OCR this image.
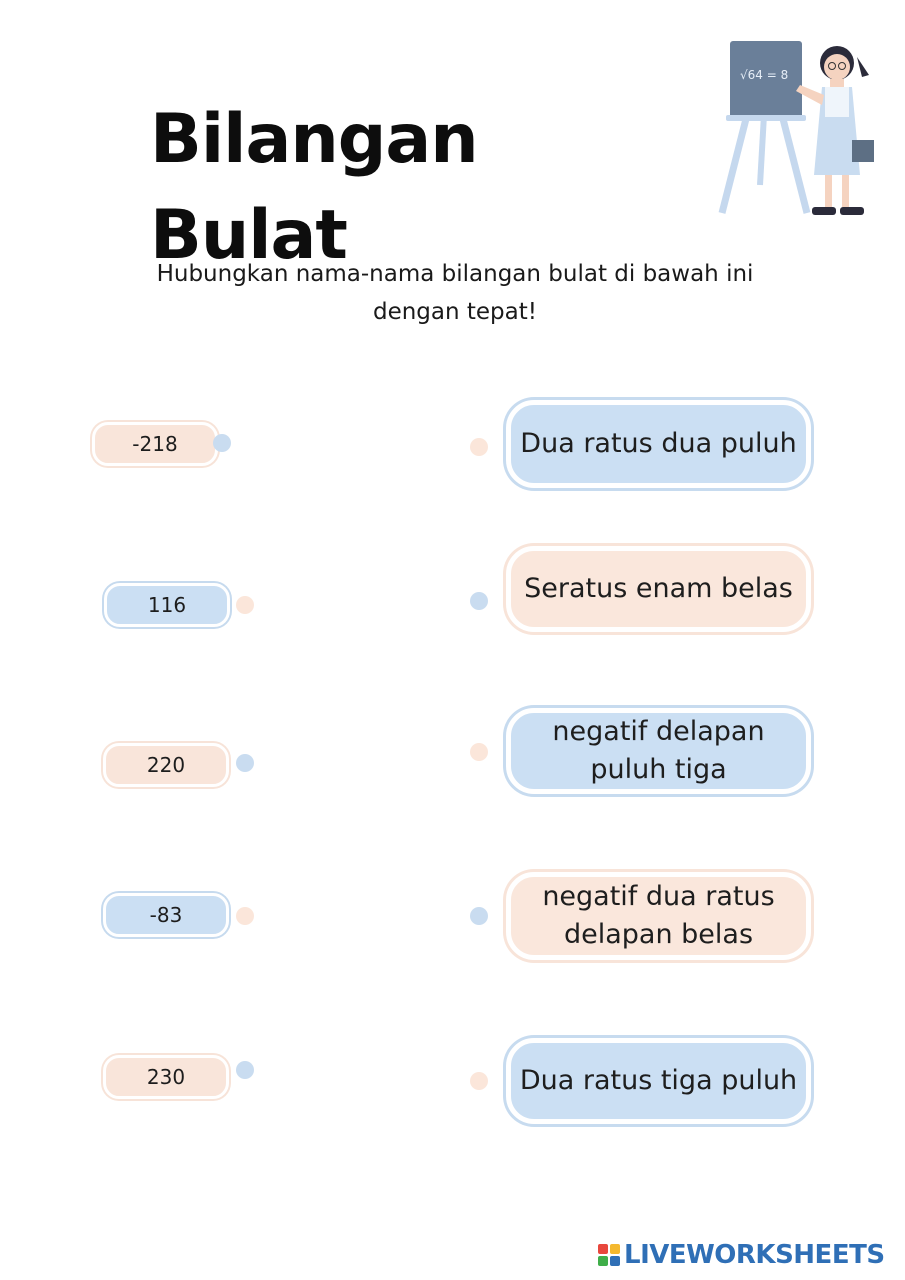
Bilangan Bulat
√64 = 8
Hubungkan nama-nama bilangan bulat di bawah ini
dengan tepat!
-218
116
220
-83
230
Dua ratus dua puluh
Seratus enam belas
negatif delapan puluh tiga
negatif dua ratus delapan belas
Dua ratus tiga puluh
LIVEWORKSHEETS
